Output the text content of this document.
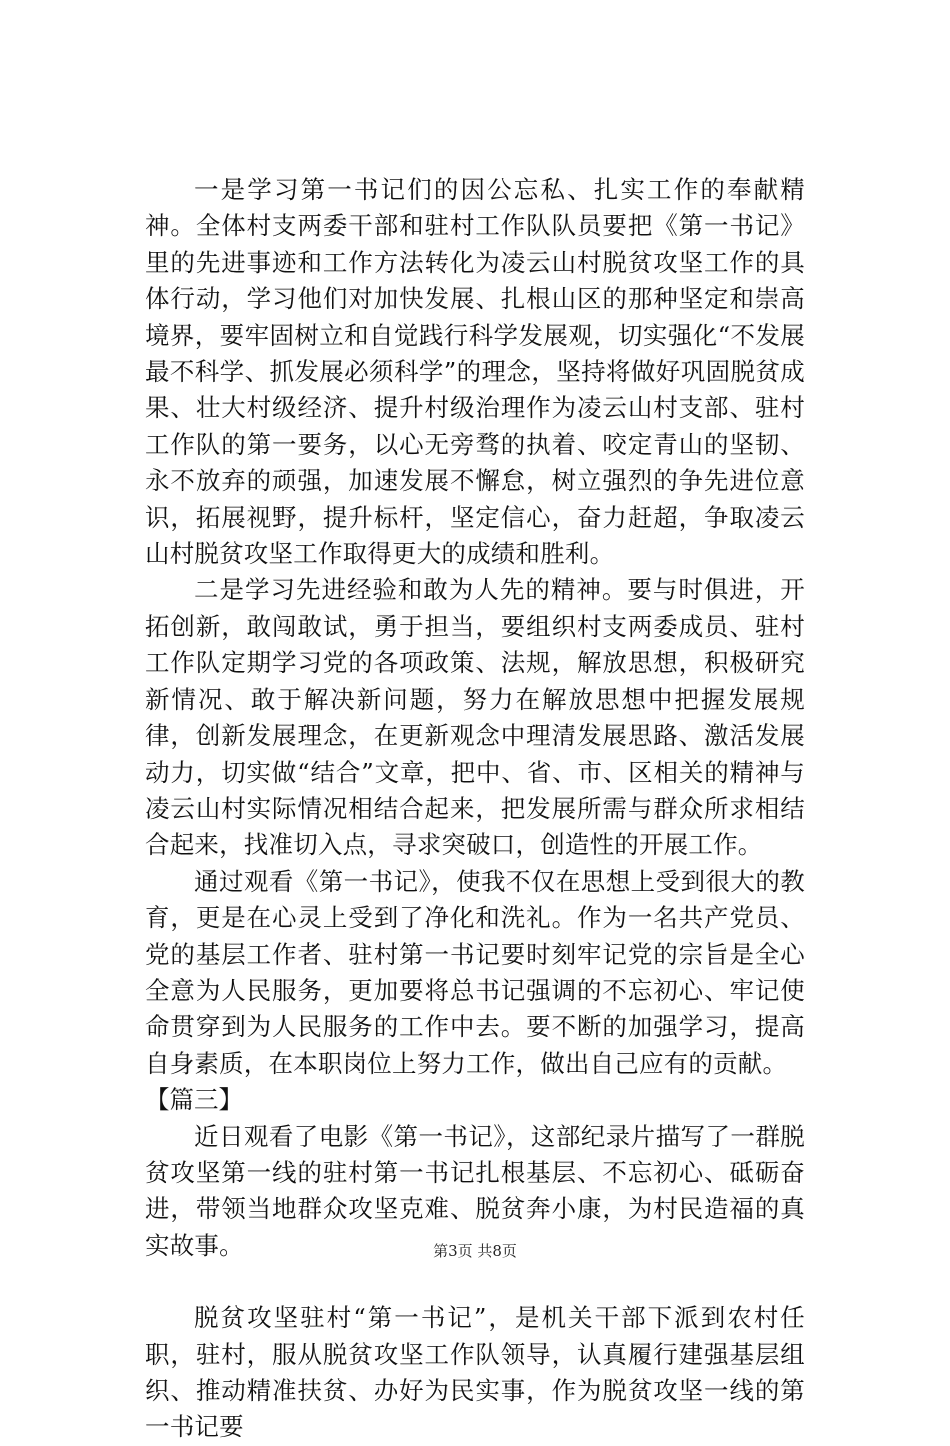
一是学习第一书记们的因公忘私、扎实工作的奉献精神。全体村支两委干部和驻村工作队队员要把《第一书记》里的先进事迹和工作方法转化为凌云山村脱贫攻坚工作的具体行动，学习他们对加快发展、扎根山区的那种坚定和崇高境界，要牢固树立和自觉践行科学发展观，切实强化“不发展最不科学、抓发展必须科学”的理念，坚持将做好巩固脱贫成果、壮大村级经济、提升村级治理作为凌云山村支部、驻村工作队的第一要务，以心无旁骛的执着、咬定青山的坚韧、永不放弃的顽强，加速发展不懈怠，树立强烈的争先进位意识，拓展视野，提升标杆，坚定信心，奋力赶超，争取凌云山村脱贫攻坚工作取得更大的成绩和胜利。

二是学习先进经验和敢为人先的精神。要与时俱进，开拓创新，敢闯敢试，勇于担当，要组织村支两委成员、驻村工作队定期学习党的各项政策、法规，解放思想，积极研究新情况、敢于解决新问题，努力在解放思想中把握发展规律，创新发展理念，在更新观念中理清发展思路、激活发展动力，切实做“结合”文章，把中、省、市、区相关的精神与凌云山村实际情况相结合起来，把发展所需与群众所求相结合起来，找准切入点，寻求突破口，创造性的开展工作。

通过观看《第一书记》，使我不仅在思想上受到很大的教育，更是在心灵上受到了净化和洗礼。作为一名共产党员、党的基层工作者、驻村第一书记要时刻牢记党的宗旨是全心全意为人民服务，更加要将总书记强调的不忘初心、牢记使命贯穿到为人民服务的工作中去。要不断的加强学习，提高自身素质，在本职岗位上努力工作，做出自己应有的贡献。

【篇三】

近日观看了电影《第一书记》，这部纪录片描写了一群脱贫攻坚第一线的驻村第一书记扎根基层、不忘初心、砥砺奋进，带领当地群众攻坚克难、脱贫奔小康，为村民造福的真实故事。

脱贫攻坚驻村“第一书记”，是机关干部下派到农村任职，驻村，服从脱贫攻坚工作队领导，认真履行建强基层组织、推动精准扶贫、办好为民实事，作为脱贫攻坚一线的第一书记要

第3页 共8页
